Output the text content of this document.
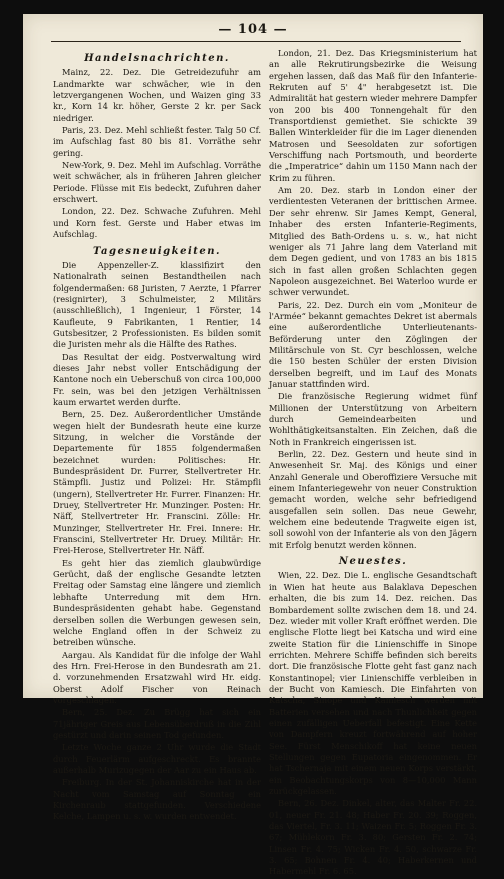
— 104 —
Handelsnachrichten.

Mainz, 22. Dez. Die Getreidezufuhr am Landmarkte war schwächer, wie in den letzvergangenen Wochen, und Waizen ging 33 kr., Korn 14 kr. höher, Gerste 2 kr. per Sack niedriger.

Paris, 23. Dez. Mehl schließt fester. Talg 50 Cf. im Aufschlag fast 80 bis 81. Vorräthe sehr gering.

New-York, 9. Dez. Mehl im Aufschlag. Vorräthe weit schwächer, als in früheren Jahren gleicher Periode. Flüsse mit Eis bedeckt, Zufuhren daher erschwert.

London, 22. Dez. Schwache Zufuhren. Mehl und Korn fest. Gerste und Haber etwas im Aufschlag.

Tagesneuigkeiten.

Die Appenzeller-Z. klassifizirt den Nationalrath seinen Bestandtheilen nach folgendermaßen: 68 Juristen, 7 Aerzte, 1 Pfarrer (resignirter), 3 Schulmeister, 2 Militärs (ausschließlich), 1 Ingenieur, 1 Förster, 14 Kaufleute, 9 Fabrikanten, 1 Rentier, 14 Gutsbesitzer, 2 Professionisten. Es bilden somit die Juristen mehr als die Hälfte des Rathes.

Das Resultat der eidg. Postverwaltung wird dieses Jahr nebst voller Entschädigung der Kantone noch ein Ueberschuß von circa 100,000 Fr. sein, was bei den jetzigen Verhältnissen kaum erwartet werden durfte.

Bern, 25. Dez. Außerordentlicher Umstände wegen hielt der Bundesrath heute eine kurze Sitzung, in welcher die Vorstände der Departemente für 1855 folgendermaßen bezeichnet wurden: Politisches: Hr. Bundespräsident Dr. Furrer, Stellvertreter Hr. Stämpfli. Justiz und Polizei: Hr. Stämpfli (ungern), Stellvertreter Hr. Furrer. Finanzen: Hr. Druey, Stellvertreter Hr. Munzinger. Posten: Hr. Näff, Stellvertreter Hr. Franscini. Zölle: Hr. Munzinger, Stellvertreter Hr. Frei. Innere: Hr. Franscini, Stellvertreter Hr. Druey. Militär: Hr. Frei-Herose, Stellvertreter Hr. Näff.

Es geht hier das ziemlich glaubwürdige Gerücht, daß der englische Gesandte letzten Freitag oder Samstag eine längere und ziemlich lebhafte Unterredung mit dem Hrn. Bundespräsidenten gehabt habe. Gegenstand derselben sollen die Werbungen gewesen sein, welche England offen in der Schweiz zu betreiben wünsche.

Aargau. Als Kandidat für die infolge der Wahl des Hrn. Frei-Herose in den Bundesrath am 21. d. vorzunehmenden Ersatzwahl wird Hr. eidg. Oberst Adolf Fischer von Reinach vorgeschlagen.

Bern, 25. Dez. Zu Brügg hat sich ein 71jähriger Greis aus Lebensüberdruß in die Zihl gestürzt und darin seinen Tod gefunden.

Letzte Woche ganze 2 Uhr wurde die Stadt durch Feuerlärm aufgeschreckt. Es brannte außerhalb Murizugegen der Aar zu ein Haus ab.

Freiburg. In der St. Johanniskirche hat in der Nacht vom Samstag auf Sonntag ein Kirchenraub stattgefunden. Verschiedene Kelche, Lampen u. s. w. wurden entwendet.

London, 21. Dez. Das Kriegsministerium hat an alle Rekrutirungsbezirke die Weisung ergehen lassen, daß das Maß für den Infanterie-Rekruten auf 5' 4" herabgesetzt ist. Die Admiralität hat gestern wieder mehrere Dampfer von 200 bis 400 Tonnengehalt für den Transportdienst gemiethet. Sie schickte 39 Ballen Winterkleider für die im Lager dienenden Matrosen und Seesoldaten zur sofortigen Verschiffung nach Portsmouth, und beorderte die „Imperatrice“ dahin um 1150 Mann nach der Krim zu führen.

Am 20. Dez. starb in London einer der verdientesten Veteranen der brittischen Armee. Der sehr ehrenw. Sir James Kempt, General, Inhaber des ersten Infanterie-Regiments, Mitglied des Bath-Ordens u. s. w., hat nicht weniger als 71 Jahre lang dem Vaterland mit dem Degen gedient, und von 1783 an bis 1815 sich in fast allen großen Schlachten gegen Napoleon ausgezeichnet. Bei Waterloo wurde er schwer verwundet.

Paris, 22. Dez. Durch ein vom „Moniteur de l'Armée“ bekannt gemachtes Dekret ist abermals eine außerordentliche Unterlieutenants-Beförderung unter den Zöglingen der Militärschule von St. Cyr beschlossen, welche die 150 besten Schüler der ersten Division derselben begreift, und im Lauf des Monats Januar stattfinden wird.

Die französische Regierung widmet fünf Millionen der Unterstützung von Arbeitern durch Gemeindearbeiten und Wohlthätigkeitsanstalten. Ein Zeichen, daß die Noth in Frankreich eingerissen ist.

Berlin, 22. Dez. Gestern und heute sind in Anwesenheit Sr. Maj. des Königs und einer Anzahl Generale und Oberoffiziere Versuche mit einem Infanteriegewehr von neuer Construktion gemacht worden, welche sehr befriedigend ausgefallen sein sollen. Das neue Gewehr, welchem eine bedeutende Tragweite eigen ist, soll sowohl von der Infanterie als von den Jägern mit Erfolg benutzt werden können.

Neuestes.

Wien, 22. Dez. Die L. englische Gesandtschaft in Wien hat heute aus Balaklava Depeschen erhalten, die bis zum 14. Dez. reichen. Das Bombardement sollte zwischen dem 18. und 24. Dez. wieder mit voller Kraft eröffnet werden. Die englische Flotte liegt bei Katscha und wird eine zweite Station für die Linienschiffe in Sinope errichten. Mehrere Schiffe befinden sich bereits dort. Die französische Flotte geht fast ganz nach Konstantinopel; vier Linienschiffe verbleiben in der Bucht von Kamiesch. Die Einfahrten von Katscha, Sinope und Kamiesch werden mit Batterien versehen und nach Thunlichkeit gegen einen zufälligen Ueberfall befestigt. Eine Kette von Dampfern kreuzt fortwährend auf hoher See. Fürst Menschikoff hat keine neuen Stellungen gegen Eupatoria eingenommen. Er hat Tschernaja mit einem neuen Korps verstärkt, ein Beobachtungskorps von 8—10,000 Mann zurückgelassen.

Bern, 26. Dez. Dinkel, alter, das Malter Fr. 22. 01, neuer Fr. 21. 48; Haber Fr. 20. 39; Roggen, das Viertel, Fr. 3. 11; Waizen Fr. 5; Roggen Fr. 3. 67; Mühlekorn Fr. 3. 80; Gersten Fr. 2. 74; Linsen Fr. 4. 75; Wicken Fr. 4. 50, schwarze Fr. 3. 65; Bohnen Fr. 4. 40; Haberkernen und Habermehl Fr. 6. 65.
